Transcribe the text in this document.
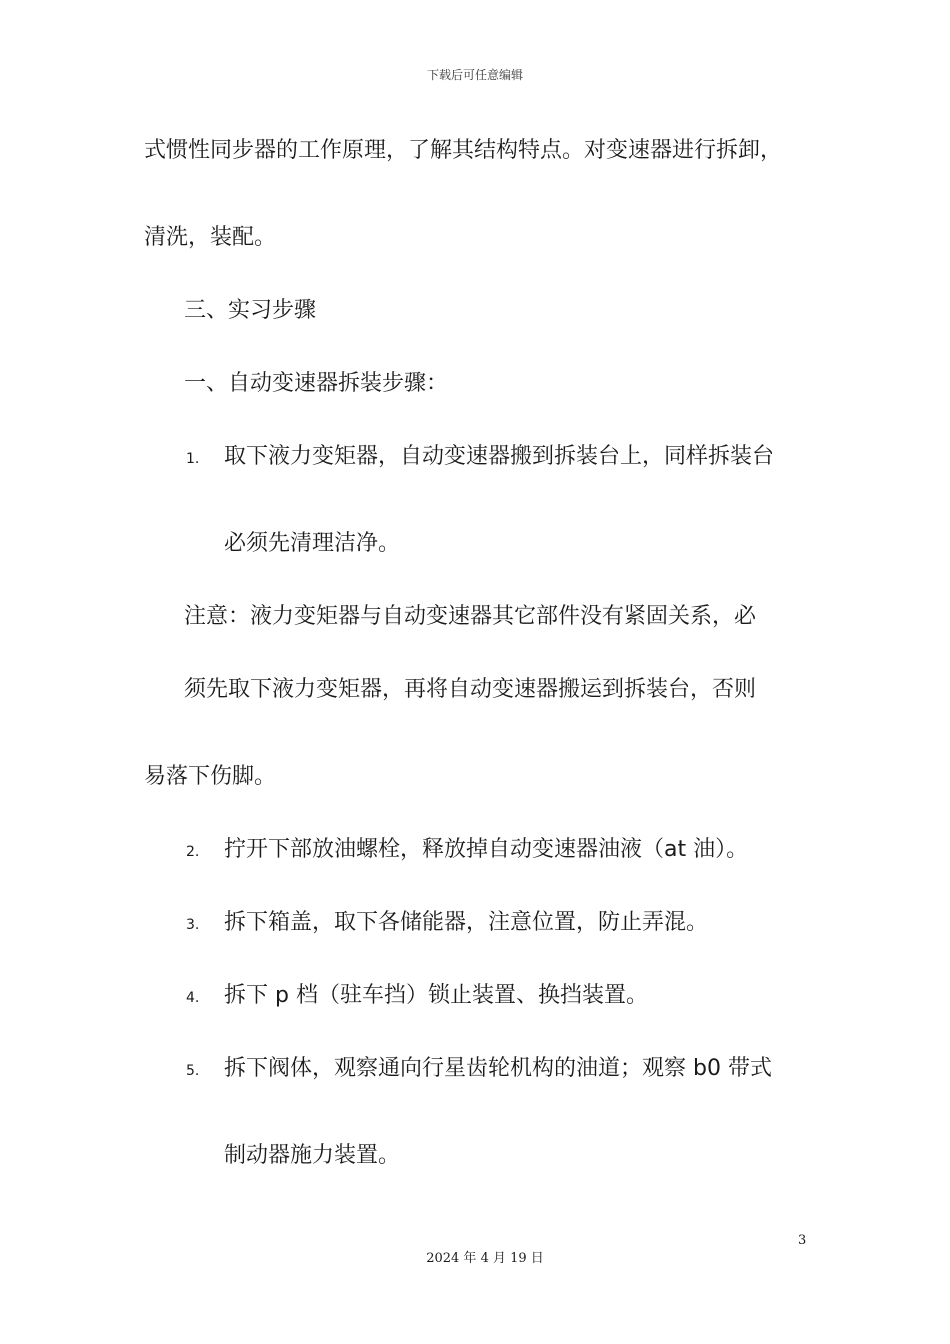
下载后可任意编辑
式惯性同步器的工作原理，了解其结构特点。对变速器进行拆卸，
清洗，装配。
三、实习步骤
一、自动变速器拆装步骤：
1. 取下液力变矩器，自动变速器搬到拆装台上，同样拆装台
必须先清理洁净。
注意：液力变矩器与自动变速器其它部件没有紧固关系，必
须先取下液力变矩器，再将自动变速器搬运到拆装台，否则
易落下伤脚。
2. 拧开下部放油螺栓，释放掉自动变速器油液（at 油）。
3. 拆下箱盖，取下各储能器，注意位置，防止弄混。
4. 拆下 p 档（驻车挡）锁止装置、换挡装置。
5. 拆下阀体，观察通向行星齿轮机构的油道；观察 b0 带式
制动器施力装置。
3
2024 年 4 月 19 日
